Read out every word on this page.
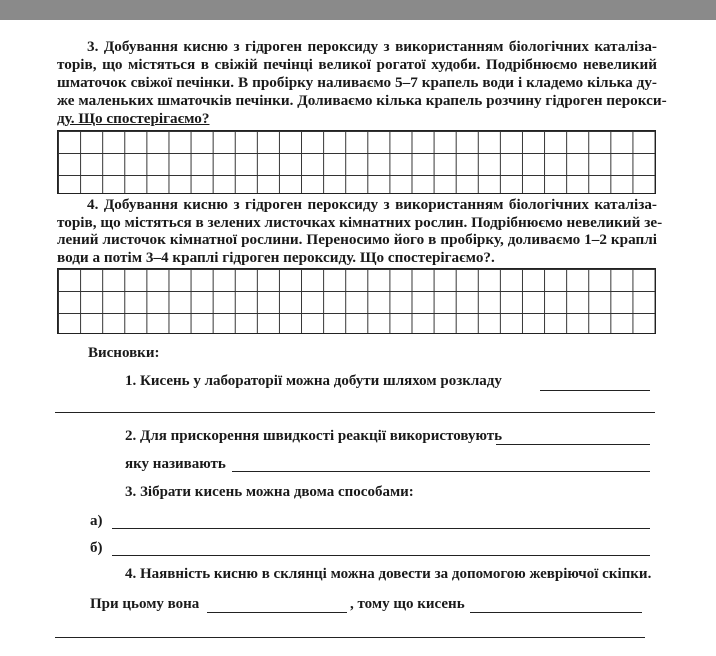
3. Добування кисню з гідроген пероксиду з використанням біологічних каталіза-
торів, що містяться в свіжій печінці великої рогатої худоби. Подрібнюємо невеликий
шматочок свіжої печінки. В пробірку наливаємо 5–7 крапель води і кладемо кілька ду-
же маленьких шматочків печінки. Доливаємо кілька крапель розчину гідроген перокси-
ду. Що спостерігаємо?
4. Добування кисню з гідроген пероксиду з використанням біологічних каталіза-
торів, що містяться в зелених листочках кімнатних рослин. Подрібнюємо невеликий зе-
лений листочок кімнатної рослини. Переносимо його в пробірку, доливаємо 1–2 краплі
води а потім 3–4 краплі гідроген пероксиду. Що спостерігаємо?.
Висновки:
1. Кисень у лабораторії можна добути шляхом розкладу
2. Для прискорення швидкості реакції використовують
яку називають
3. Зібрати кисень можна двома способами:
а)
б)
4. Наявність кисню в склянці можна довести за допомогою жевріючої скіпки.
При цьому вона	, тому що кисень
